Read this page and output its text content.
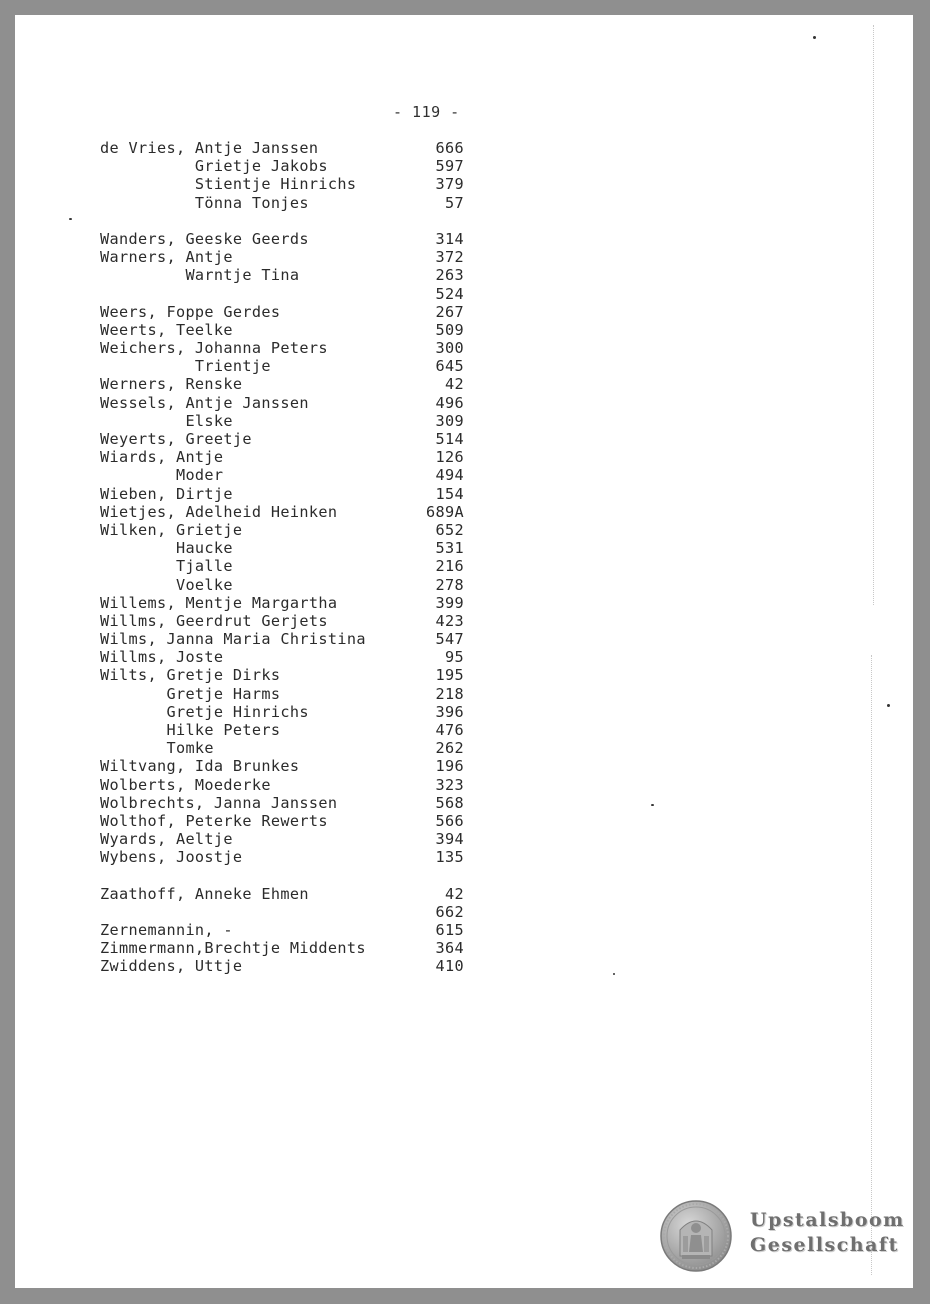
- 119 -
de Vries, Antje Janssen	666
Grietje Jakobs	597
Stientje Hinrichs	379
Tönna Tonjes	57
Wanders, Geeske Geerds	314
Warners, Antje	372
Warntje Tina	263
524
Weers, Foppe Gerdes	267
Weerts, Teelke	509
Weichers, Johanna Peters	300
Trientje	645
Werners, Renske	42
Wessels, Antje Janssen	496
Elske	309
Weyerts, Greetje	514
Wiards, Antje	126
Moder	494
Wieben, Dirtje	154
Wietjes, Adelheid Heinken	689A
Wilken, Grietje	652
Haucke	531
Tjalle	216
Voelke	278
Willems, Mentje Margartha	399
Willms, Geerdrut Gerjets	423
Wilms, Janna Maria Christina	547
Willms, Joste	95
Wilts, Gretje Dirks	195
Gretje Harms	218
Gretje Hinrichs	396
Hilke Peters	476
Tomke	262
Wiltvang, Ida Brunkes	196
Wolberts, Moederke	323
Wolbrechts, Janna Janssen	568
Wolthof, Peterke Rewerts	566
Wyards, Aeltje	394
Wybens, Joostje	135
Zaathoff, Anneke Ehmen	42
662
Zernemannin, -	615
Zimmermann,Brechtje Middents	364
Zwiddens, Uttje	410
Upstalsboom
Gesellschaft
